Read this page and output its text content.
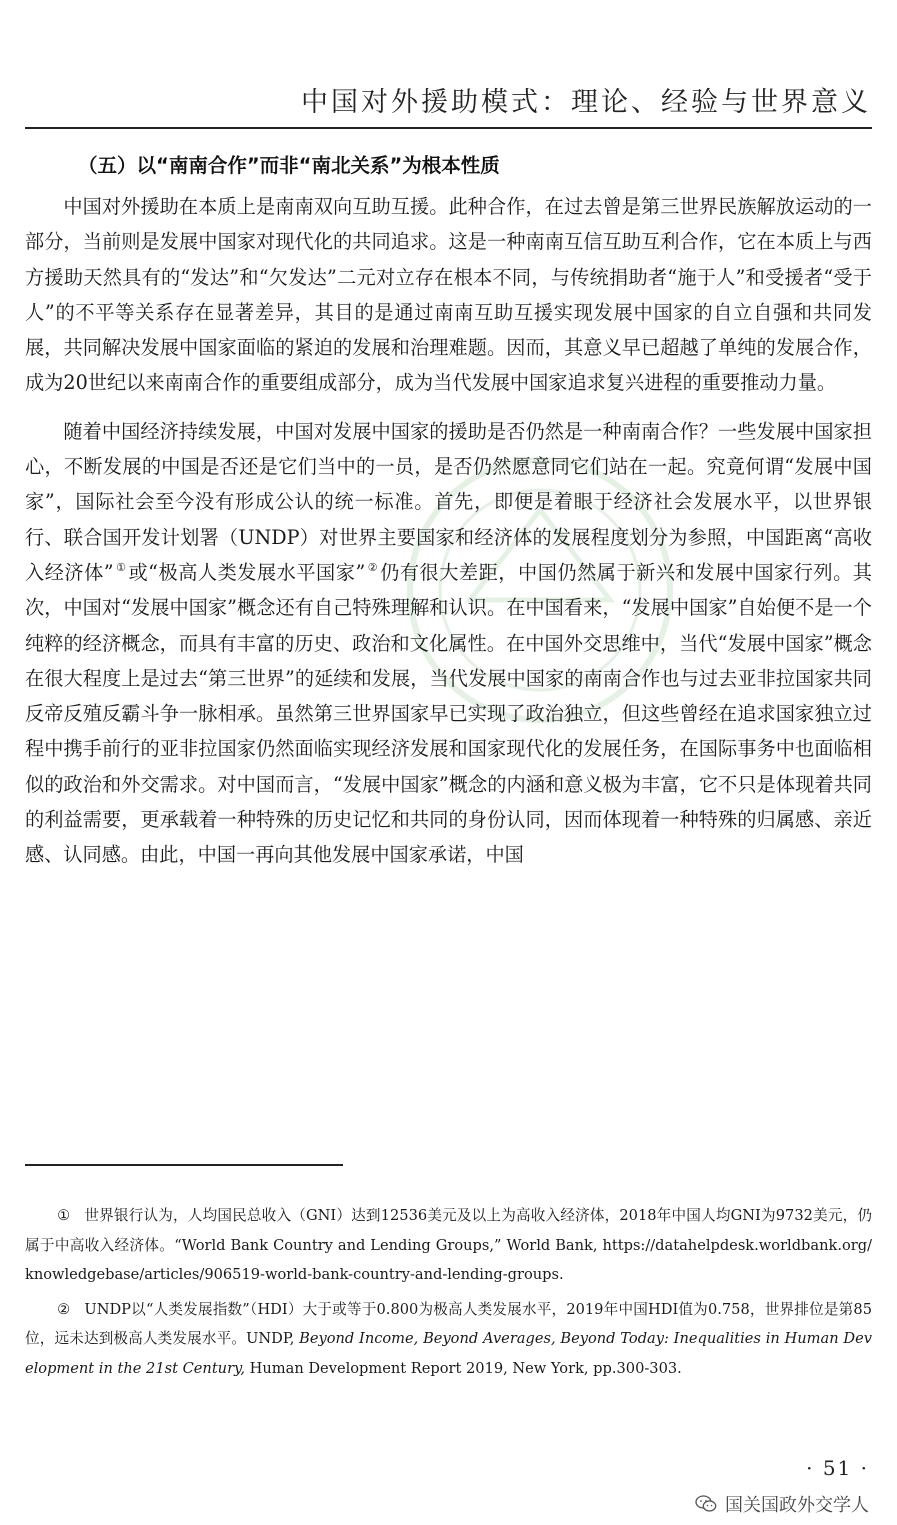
中国对外援助模式：理论、经验与世界意义
（五）以“南南合作”而非“南北关系”为根本性质

中国对外援助在本质上是南南双向互助互援。此种合作，在过去曾是第三世界民族解放运动的一部分，当前则是发展中国家对现代化的共同追求。这是一种南南互信互助互利合作，它在本质上与西方援助天然具有的“发达”和“欠发达”二元对立存在根本不同，与传统捐助者“施于人”和受援者“受于人”的不平等关系存在显著差异，其目的是通过南南互助互援实现发展中国家的自立自强和共同发展，共同解决发展中国家面临的紧迫的发展和治理难题。因而，其意义早已超越了单纯的发展合作，成为20世纪以来南南合作的重要组成部分，成为当代发展中国家追求复兴进程的重要推动力量。

随着中国经济持续发展，中国对发展中国家的援助是否仍然是一种南南合作？一些发展中国家担心，不断发展的中国是否还是它们当中的一员，是否仍然愿意同它们站在一起。究竟何谓“发展中国家”，国际社会至今没有形成公认的统一标准。首先，即便是着眼于经济社会发展水平，以世界银行、联合国开发计划署（UNDP）对世界主要国家和经济体的发展程度划分为参照，中国距离“高收入经济体” ① 或“极高人类发展水平国家” ② 仍有很大差距，中国仍然属于新兴和发展中国家行列。其次，中国对“发展中国家”概念还有自己特殊理解和认识。在中国看来，“发展中国家”自始便不是一个纯粹的经济概念，而具有丰富的历史、政治和文化属性。在中国外交思维中，当代“发展中国家”概念在很大程度上是过去“第三世界”的延续和发展，当代发展中国家的南南合作也与过去亚非拉国家共同反帝反殖反霸斗争一脉相承。虽然第三世界国家早已实现了政治独立，但这些曾经在追求国家独立过程中携手前行的亚非拉国家仍然面临实现经济发展和国家现代化的发展任务，在国际事务中也面临相似的政治和外交需求。对中国而言，“发展中国家”概念的内涵和意义极为丰富，它不只是体现着共同的利益需要，更承载着一种特殊的历史记忆和共同的身份认同，因而体现着一种特殊的归属感、亲近感、认同感。由此，中国一再向其他发展中国家承诺，中国

① 世界银行认为，人均国民总收入（GNI）达到12536美元及以上为高收入经济体，2018年中国人均GNI为9732美元，仍属于中高收入经济体。“World Bank Country and Lending Groups,” World Bank, https://datahelpdesk.worldbank.org/knowledgebase/articles/906519-world-bank-country-and-lending-groups.

② UNDP以“人类发展指数”（HDI）大于或等于0.800为极高人类发展水平，2019年中国HDI值为0.758，世界排位是第85位，远未达到极高人类发展水平。UNDP, Beyond Income, Beyond Averages, Beyond Today: Inequalities in Human Development in the 21st Century, Human Development Report 2019, New York, pp.300-303.

· 51 ·
国关国政外交学人
